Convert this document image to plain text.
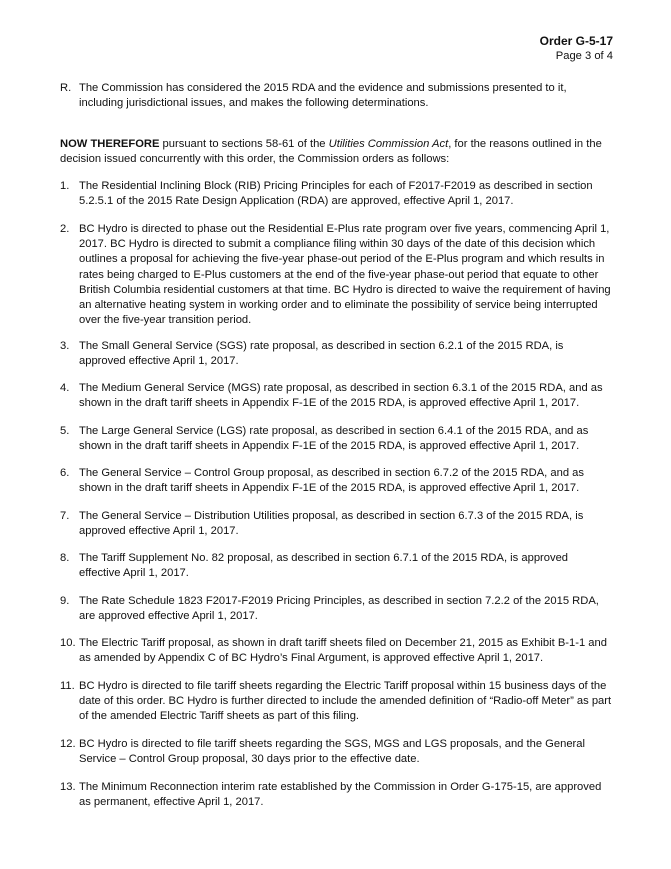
Order G-5-17
Page 3 of 4
R. The Commission has considered the 2015 RDA and the evidence and submissions presented to it, including jurisdictional issues, and makes the following determinations.
NOW THEREFORE pursuant to sections 58-61 of the Utilities Commission Act, for the reasons outlined in the decision issued concurrently with this order, the Commission orders as follows:
1. The Residential Inclining Block (RIB) Pricing Principles for each of F2017-F2019 as described in section 5.2.5.1 of the 2015 Rate Design Application (RDA) are approved, effective April 1, 2017.
2. BC Hydro is directed to phase out the Residential E-Plus rate program over five years, commencing April 1, 2017. BC Hydro is directed to submit a compliance filing within 30 days of the date of this decision which outlines a proposal for achieving the five-year phase-out period of the E-Plus program and which results in rates being charged to E-Plus customers at the end of the five-year phase-out period that equate to other British Columbia residential customers at that time. BC Hydro is directed to waive the requirement of having an alternative heating system in working order and to eliminate the possibility of service being interrupted over the five-year transition period.
3. The Small General Service (SGS) rate proposal, as described in section 6.2.1 of the 2015 RDA, is approved effective April 1, 2017.
4. The Medium General Service (MGS) rate proposal, as described in section 6.3.1 of the 2015 RDA, and as shown in the draft tariff sheets in Appendix F-1E of the 2015 RDA, is approved effective April 1, 2017.
5. The Large General Service (LGS) rate proposal, as described in section 6.4.1 of the 2015 RDA, and as shown in the draft tariff sheets in Appendix F-1E of the 2015 RDA, is approved effective April 1, 2017.
6. The General Service – Control Group proposal, as described in section 6.7.2 of the 2015 RDA, and as shown in the draft tariff sheets in Appendix F-1E of the 2015 RDA, is approved effective April 1, 2017.
7. The General Service – Distribution Utilities proposal, as described in section 6.7.3 of the 2015 RDA, is approved effective April 1, 2017.
8. The Tariff Supplement No. 82 proposal, as described in section 6.7.1 of the 2015 RDA, is approved effective April 1, 2017.
9. The Rate Schedule 1823 F2017-F2019 Pricing Principles, as described in section 7.2.2 of the 2015 RDA, are approved effective April 1, 2017.
10. The Electric Tariff proposal, as shown in draft tariff sheets filed on December 21, 2015 as Exhibit B-1-1 and as amended by Appendix C of BC Hydro’s Final Argument, is approved effective April 1, 2017.
11. BC Hydro is directed to file tariff sheets regarding the Electric Tariff proposal within 15 business days of the date of this order. BC Hydro is further directed to include the amended definition of “Radio-off Meter” as part of the amended Electric Tariff sheets as part of this filing.
12. BC Hydro is directed to file tariff sheets regarding the SGS, MGS and LGS proposals, and the General Service – Control Group proposal, 30 days prior to the effective date.
13. The Minimum Reconnection interim rate established by the Commission in Order G-175-15, are approved as permanent, effective April 1, 2017.
